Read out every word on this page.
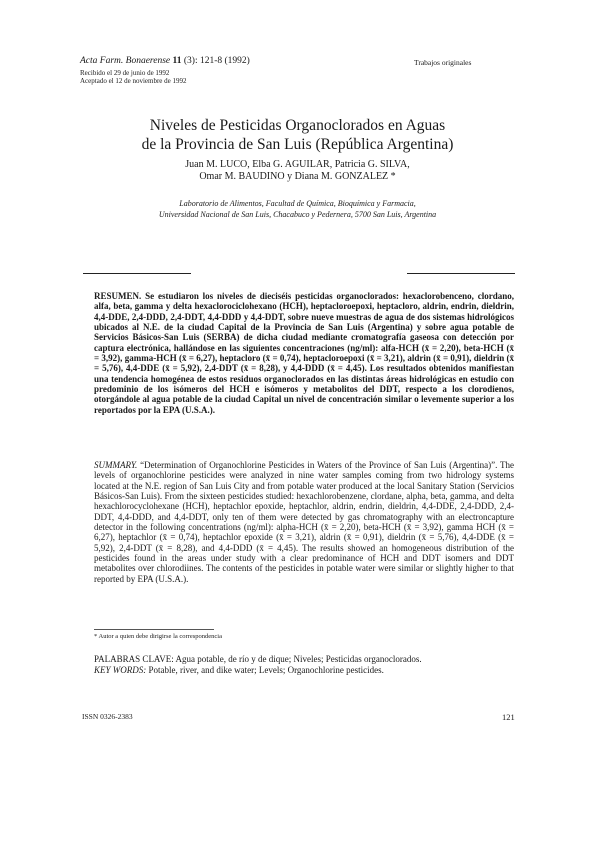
Acta Farm. Bonaerense 11 (3): 121-8 (1992)	Trabajos originales
Recibido el 29 de junio de 1992
Aceptado el 12 de noviembre de 1992
Niveles de Pesticidas Organoclorados en Aguas
de la Provincia de San Luis (República Argentina)
Juan M. LUCO, Elba G. AGUILAR, Patricia G. SILVA,
Omar M. BAUDINO y Diana M. GONZALEZ *
Laboratorio de Alimentos, Facultad de Química, Bioquímica y Farmacia,
Universidad Nacional de San Luis, Chacabuco y Pedernera, 5700 San Luis, Argentina

RESUMEN. Se estudiaron los niveles de dieciséis pesticidas organoclorados: hexaclorobenceno, clordano, alfa, beta, gamma y delta hexaclorociclohexano (HCH), heptacloroepoxi, heptacloro, aldrin, endrin, dieldrin, 4,4-DDE, 2,4-DDD, 2,4-DDT, 4,4-DDD y 4,4-DDT, sobre nueve muestras de agua de dos sistemas hidrológicos ubicados al N.E. de la ciudad Capital de la Provincia de San Luis (Argentina) y sobre agua potable de Servicios Básicos-San Luis (SERBA) de dicha ciudad mediante cromatografía gaseosa con detección por captura electrónica, hallándose en las siguientes concentraciones (ng/ml): alfa-HCH (x̄ = 2,20), beta-HCH (x̄ = 3,92), gamma-HCH (x̄ = 6,27), heptacloro (x̄ = 0,74), heptacloroepoxi (x̄ = 3,21), aldrin (x̄ = 0,91), dieldrin (x̄ = 5,76), 4,4-DDE (x̄ = 5,92), 2,4-DDT (x̄ = 8,28), y 4,4-DDD (x̄ = 4,45). Los resultados obtenidos manifiestan una tendencia homogénea de estos residuos organoclorados en las distintas áreas hidrológicas en estudio con predominio de los isómeros del HCH e isómeros y metabolitos del DDT, respecto a los clorodienos, otorgándole al agua potable de la ciudad Capital un nivel de concentración similar o levemente superior a los reportados por la EPA (U.S.A.).

SUMMARY. “Determination of Organochlorine Pesticides in Waters of the Province of San Luis (Argentina)”. The levels of organochlorine pesticides were analyzed in nine water samples coming from two hidrology systems located at the N.E. region of San Luis City and from potable water produced at the local Sanitary Station (Servicios Básicos-San Luis). From the sixteen pesticides studied: hexachlorobenzene, clordane, alpha, beta, gamma, and delta hexachlorocyclohexane (HCH), heptachlor epoxide, heptachlor, aldrin, endrin, dieldrin, 4,4-DDE, 2,4-DDD, 2,4-DDT, 4,4-DDD, and 4,4-DDT, only ten of them were detected by gas chromatography with an electroncapture detector in the following concentrations (ng/ml): alpha-HCH (x̄ = 2,20), beta-HCH (x̄ = 3,92), gamma HCH (x̄ = 6,27), heptachlor (x̄ = 0,74), heptachlor epoxide (x̄ = 3,21), aldrin (x̄ = 0,91), dieldrin (x̄ = 5,76), 4,4-DDE (x̄ = 5,92), 2,4-DDT (x̄ = 8,28), and 4,4-DDD (x̄ = 4,45). The results showed an homogeneous distribution of the pesticides found in the areas under study with a clear predominance of HCH and DDT isomers and DDT metabolites over chlorodiines. The contents of the pesticides in potable water were similar or slightly higher to that reported by EPA (U.S.A.).

* Autor a quien debe dirigirse la correspondencia

PALABRAS CLAVE: Agua potable, de río y de dique; Niveles; Pesticidas organoclorados.

KEY WORDS: Potable, river, and dike water; Levels; Organochlorine pesticides.

ISSN 0326-2383	121
